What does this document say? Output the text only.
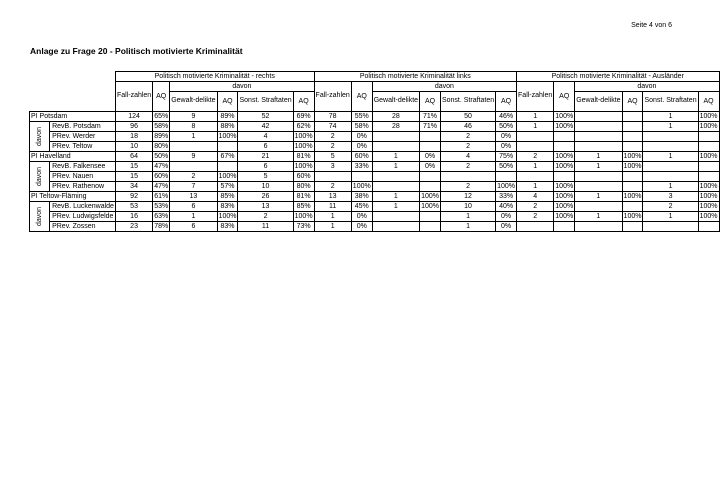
Seite 4 von 6
Anlage zu Frage 20 - Politisch motivierte Kriminalität
		Politisch motivierte Kriminalität - rechts						Politisch motivierte Kriminalität links						Politisch motivierte Kriminalität - Ausländer					
		Fall-zahlen	AQ	davon				Fall-zahlen	AQ	davon				Fall-zahlen	AQ	davon			
				Gewalt-delikte	AQ	Sonst. Straftaten	AQ			Gewalt-delikte	AQ	Sonst. Straftaten	AQ			Gewalt-delikte	AQ	Sonst. Straftaten	AQ
PI Potsdam		124	65%	9	89%	52	69%	78	55%	28	71%	50	46%	1	100%			1	100%
davon	RevB. Potsdam	96	58%	8	88%	42	62%	74	58%	28	71%	46	50%	1	100%			1	100%
	PRev. Werder	18	89%	1	100%	4	100%	2	0%			2	0%						
	PRev. Teltow	10	80%			6	100%	2	0%			2	0%						
PI Havelland		64	50%	9	67%	21	81%	5	60%	1	0%	4	75%	2	100%	1	100%	1	100%
davon	RevB. Falkensee	15	47%			6	100%	3	33%	1	0%	2	50%	1	100%	1	100%		
	PRev. Nauen	15	60%	2	100%	5	60%												
	PRev. Rathenow	34	47%	7	57%	10	80%	2	100%			2	100%	1	100%			1	100%
PI Teltow-Fläming		92	61%	13	85%	26	81%	13	38%	1	100%	12	33%	4	100%	1	100%	3	100%
davon	RevB. Luckenwalde	53	53%	6	83%	13	85%	11	45%	1	100%	10	40%	2	100%			2	100%
	PRev. Ludwigsfelde	16	63%	1	100%	2	100%	1	0%			1	0%	2	100%	1	100%	1	100%
	PRev. Zossen	23	78%	6	83%	11	73%	1	0%			1	0%						
